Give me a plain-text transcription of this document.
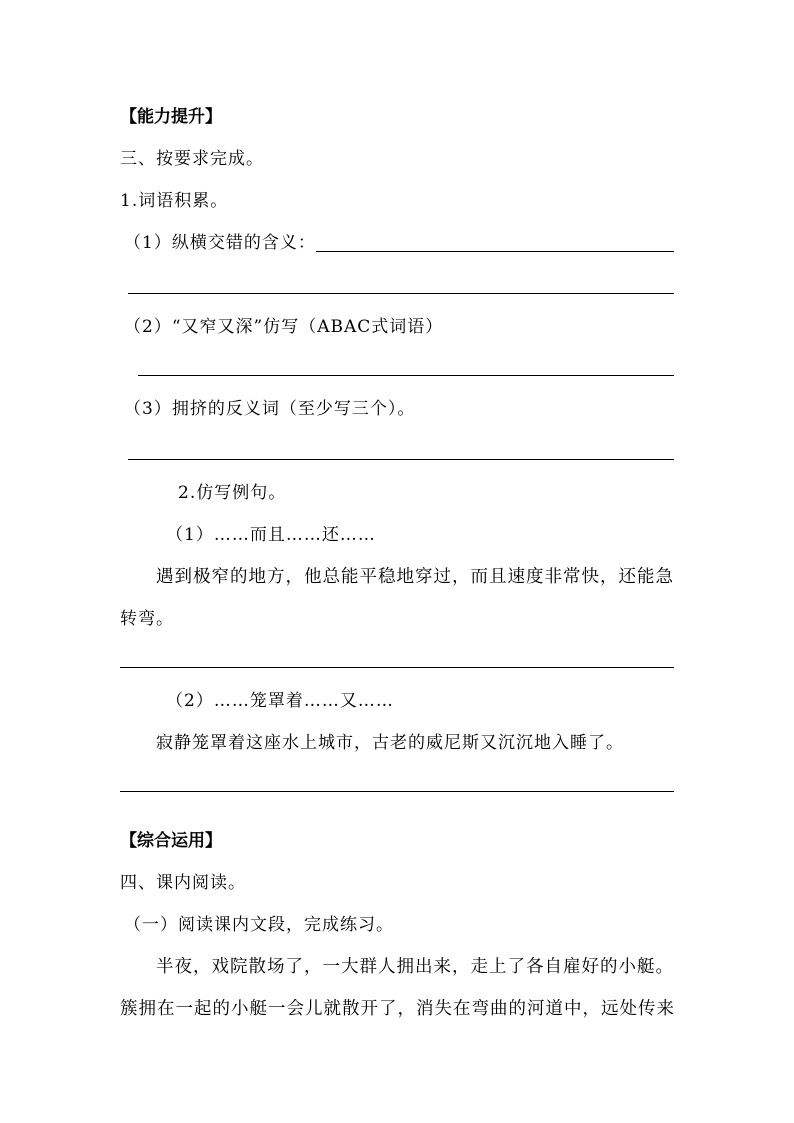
【能力提升】
三、按要求完成。
1.词语积累。
（1）纵横交错的含义：
（2）“又窄又深”仿写（ABAC式词语）
（3）拥挤的反义词（至少写三个）。
2.仿写例句。
（1）……而且……还……
遇到极窄的地方，他总能平稳地穿过，而且速度非常快，还能急
转弯。
（2）……笼罩着……又……
寂静笼罩着这座水上城市，古老的威尼斯又沉沉地入睡了。
【综合运用】
四、课内阅读。
（一）阅读课内文段，完成练习。
半夜，戏院散场了，一大群人拥出来，走上了各自雇好的小艇。
簇拥在一起的小艇一会儿就散开了，消失在弯曲的河道中，远处传来
